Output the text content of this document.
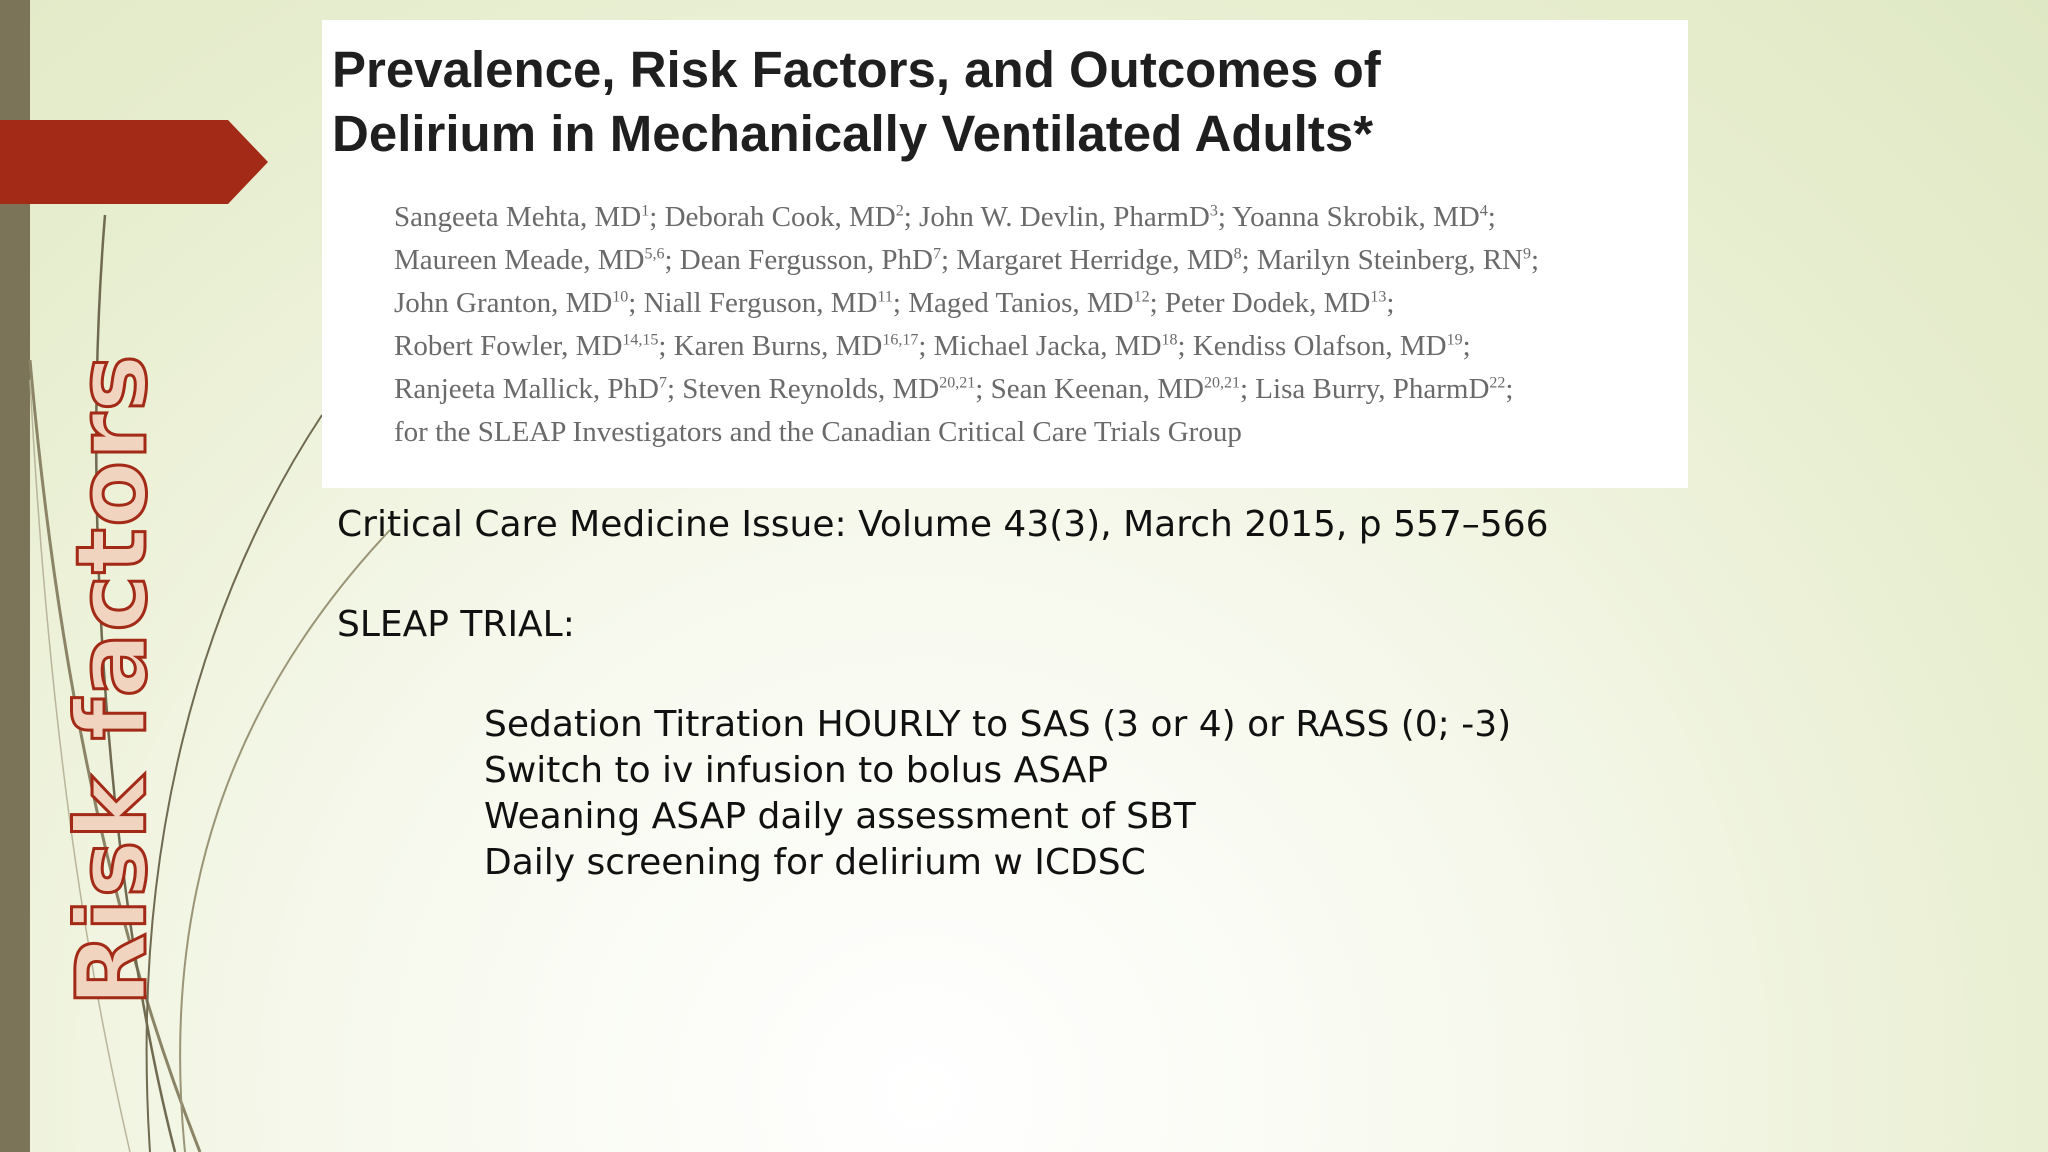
Risk factors
Prevalence, Risk Factors, and Outcomes of
Delirium in Mechanically Ventilated Adults*
Sangeeta Mehta, $MD^1$; Deborah Cook, $MD^2$; John W. Devlin, PharmD$^3$; Yoanna Skrobik, $MD^4$;
Maureen Meade, MD$^{5,6}$; Dean Fergusson, PhD$^7$; Margaret Herridge, $MD^8$; Marilyn Steinberg, $RN^9$;
John Granton, MD$^{10}$; Niall Ferguson, MD$^{11}$; Maged Tanios, MD$^{12}$; Peter Dodek, MD$^{13}$;
Robert Fowler, MD$^{14,15}$; Karen Burns, MD$^{16,17}$; Michael Jacka, MD$^{18}$; Kendiss Olafson, MD$^{19}$;
Ranjeeta Mallick, PhD$^7$; Steven Reynolds, MD$^{20,21}$; Sean Keenan, MD$^{20,21}$; Lisa Burry, PharmD$^{22}$;
for the SLEAP Investigators and the Canadian Critical Care Trials Group
Critical Care Medicine Issue: Volume 43(3), March 2015, p 557–566
SLEAP TRIAL:
Sedation Titration HOURLY to SAS (3 or 4) or RASS (0; -3)
Switch to iv infusion to bolus ASAP
Weaning ASAP daily assessment of SBT
Daily screening for delirium w ICDSC
